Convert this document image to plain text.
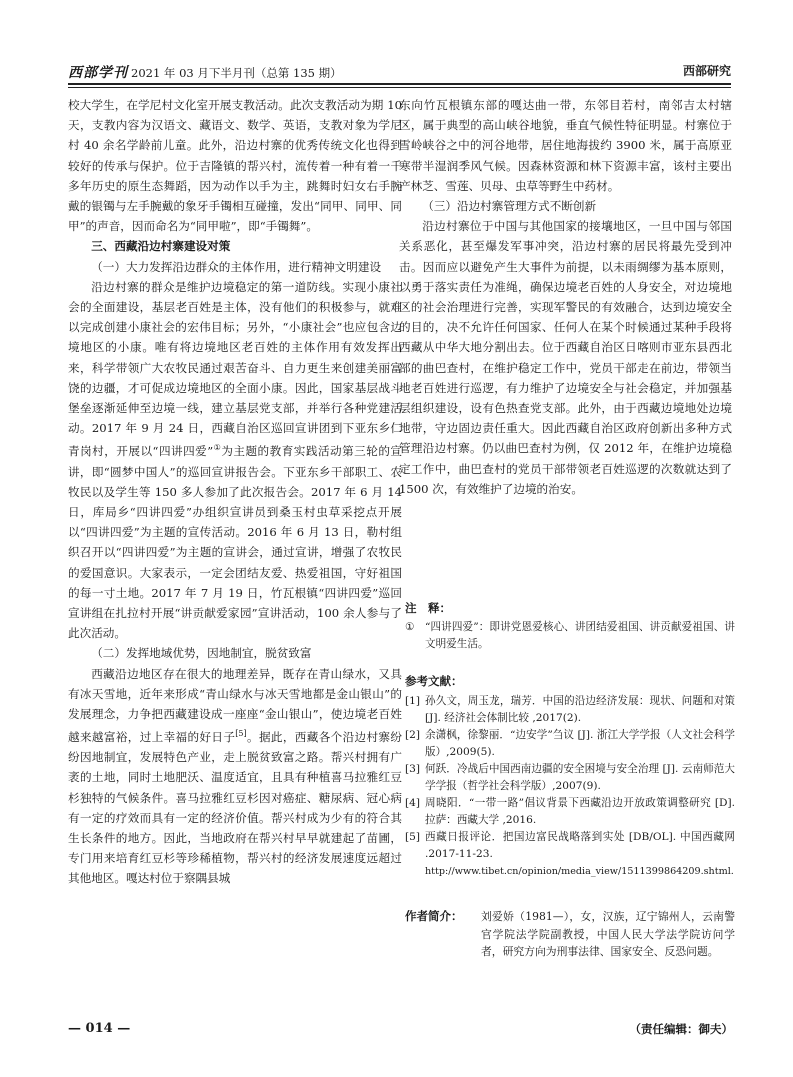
西部学刊 2021 年 03 月下半月刊（总第 135 期）	西部研究

校大学生，在学尼村文化室开展支教活动。此次支教活动为期 10 天，支教内容为汉语文、藏语文、数学、英语，支教对象为学尼村 40 余名学龄前儿童。此外，沿边村寨的优秀传统文化也得到较好的传承与保护。位于吉隆镇的帮兴村，流传着一种有着一千多年历史的原生态舞蹈，因为动作以手为主，跳舞时妇女右手腕戴的银镯与左手腕戴的象牙手镯相互碰撞，发出“同甲、同甲、同甲”的声音，因而命名为“同甲啦”，即“手镯舞”。

三、西藏沿边村寨建设对策

（一）大力发挥沿边群众的主体作用，进行精神文明建设

沿边村寨的群众是维护边境稳定的第一道防线。实现小康社会的全面建设，基层老百姓是主体，没有他们的积极参与，就难以完成创建小康社会的宏伟目标；另外，“小康社会”也应包含边境地区的小康。唯有将边境地区老百姓的主体作用有效发挥出来，科学带领广大农牧民通过艰苦奋斗、自力更生来创建美丽富饶的边疆，才可促成边境地区的全面小康。因此，国家基层战斗堡垒逐渐延伸至边境一线，建立基层党支部，并举行各种党建活动。2017 年 9 月 24 日，西藏自治区巡回宣讲团到下亚东乡仁青岗村，开展以“四讲四爱”①为主题的教育实践活动第三轮的宣讲，即“圆梦中国人”的巡回宣讲报告会。下亚东乡干部职工、农牧民以及学生等 150 多人参加了此次报告会。2017 年 6 月 14 日，库局乡“四讲四爱”办组织宣讲员到桑玉村虫草采挖点开展以“四讲四爱”为主题的宣传活动。2016 年 6 月 13 日，勒村组织召开以“四讲四爱”为主题的宣讲会，通过宣讲，增强了农牧民的爱国意识。大家表示，一定会团结友爱、热爱祖国，守好祖国的每一寸土地。2017 年 7 月 19 日，竹瓦根镇“四讲四爱”巡回宣讲组在扎拉村开展“讲贡献爱家园”宣讲活动，100 余人参与了此次活动。

（二）发挥地域优势，因地制宜，脱贫致富

西藏沿边地区存在很大的地理差异，既存在青山绿水，又具有冰天雪地，近年来形成“青山绿水与冰天雪地都是金山银山”的发展理念，力争把西藏建设成一座座“金山银山”，使边境老百姓越来越富裕，过上幸福的好日子[5]。据此，西藏各个沿边村寨纷纷因地制宜，发展特色产业，走上脱贫致富之路。帮兴村拥有广袤的土地，同时土地肥沃、温度适宜，且具有种植喜马拉雅红豆杉独特的气候条件。喜马拉雅红豆杉因对癌症、糖尿病、冠心病有一定的疗效而具有一定的经济价值。帮兴村成为少有的符合其生长条件的地方。因此，当地政府在帮兴村早早就建起了苗圃，专门用来培育红豆杉等珍稀植物，帮兴村的经济发展速度远超过其他地区。嘎达村位于察隅县城

东向竹瓦根镇东部的嘎达曲一带，东邻目若村，南邻吉太村辖区，属于典型的高山峡谷地貌，垂直气候性特征明显。村寨位于雪岭峡谷之中的河谷地带，居住地海拔约 3900 米，属于高原亚寒带半湿润季风气候。因森林资源和林下资源丰富，该村主要出产林芝、雪莲、贝母、虫草等野生中药材。

（三）沿边村寨管理方式不断创新

沿边村寨位于中国与其他国家的接壤地区，一旦中国与邻国关系恶化，甚至爆发军事冲突，沿边村寨的居民将最先受到冲击。因而应以避免产生大事件为前提，以未雨绸缪为基本原则，以勇于落实责任为准绳，确保边境老百姓的人身安全，对边境地区的社会治理进行完善，实现军警民的有效融合，达到边境安全的目的，决不允许任何国家、任何人在某个时候通过某种手段将西藏从中华大地分割出去。位于西藏自治区日喀则市亚东县西北部的曲巴查村，在维护稳定工作中，党员干部走在前边，带领当地老百姓进行巡逻，有力维护了边境安全与社会稳定，并加强基层组织建设，设有色热查党支部。此外，由于西藏边境地处边境地带，守边固边责任重大。因此西藏自治区政府创新出多种方式管理沿边村寨。仍以曲巴查村为例，仅 2012 年，在维护边境稳定工作中，曲巴查村的党员干部带领老百姓巡逻的次数就达到了 1500 次，有效维护了边境的治安。

注　释：
① “四讲四爱”：即讲党恩爱核心、讲团结爱祖国、讲贡献爱祖国、讲文明爱生活。
参考文献：
[1] 孙久文，周玉龙，瑞芳．中国的沿边经济发展：现状、问题和对策 [J]. 经济社会体制比较 ,2017(2).
[2] 余潇枫，徐黎丽．“边安学”刍议 [J]. 浙江大学学报（人文社会科学版）,2009(5).
[3] 何跃．冷战后中国西南边疆的安全困境与安全治理 [J]. 云南师范大学学报（哲学社会科学版）,2007(9).
[4] 周晓阳．“一带一路”倡议背景下西藏沿边开放政策调整研究 [D]. 拉萨：西藏大学 ,2016.
[5] 西藏日报评论．把国边富民战略落到实处 [DB/OL]. 中国西藏网 .2017-11-23.
http://www.tibet.cn/opinion/media_view/1511399864209.shtml.
作者简介： 刘爱娇（1981—），女，汉族，辽宁锦州人，云南警官学院法学院副教授，中国人民大学法学院访问学者，研究方向为刑事法律、国家安全、反恐问题。
（责任编辑：御夫）
— 014 —
